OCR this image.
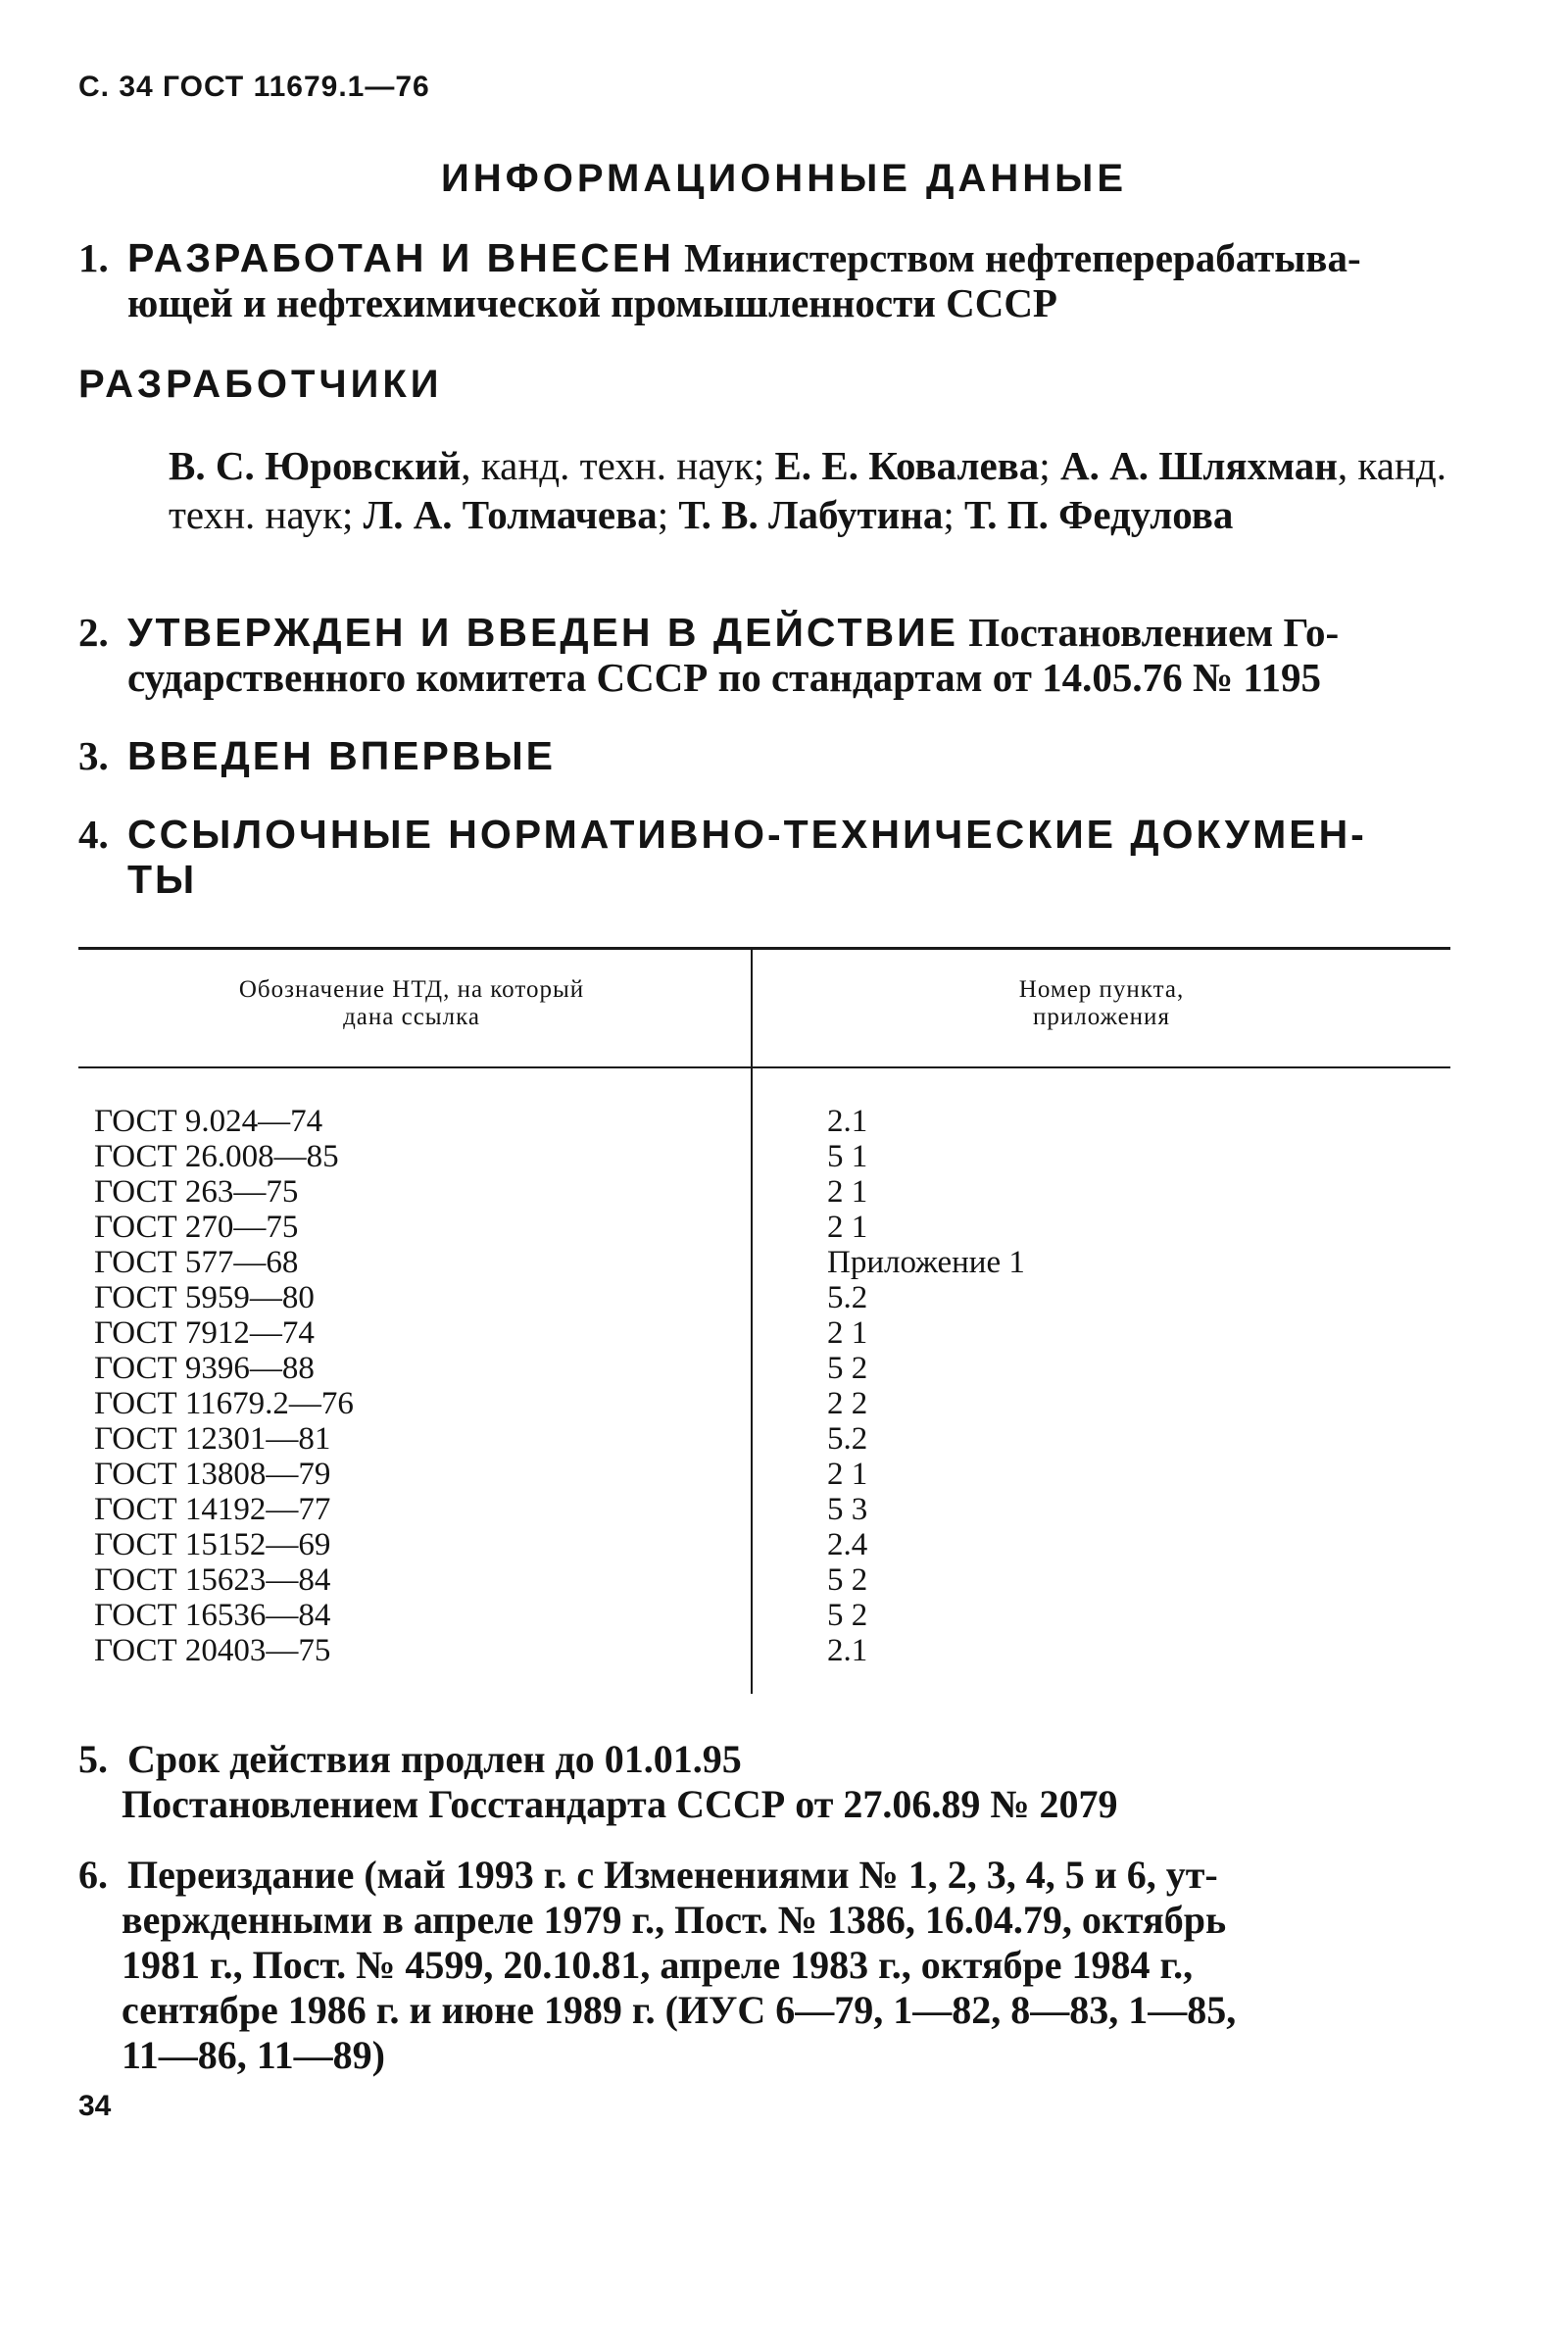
С. 34 ГОСТ 11679.1—76
ИНФОРМАЦИОННЫЕ ДАННЫЕ
1. РАЗРАБОТАН И ВНЕСЕН Министерством нефтеперерабатыва-
ющей и нефтехимической промышленности СССР
РАЗРАБОТЧИКИ
В. С. Юровский, канд. техн. наук; Е. Е. Ковалева; А. А. Шляхман, канд. техн. наук; Л. А. Толмачева; Т. В. Лабутина; Т. П. Федулова
2. УТВЕРЖДЕН И ВВЕДЕН В ДЕЙСТВИЕ Постановлением Го-
сударственного комитета СССР по стандартам от 14.05.76 № 1195
3. ВВЕДЕН ВПЕРВЫЕ
4. ССЫЛОЧНЫЕ НОРМАТИВНО-ТЕХНИЧЕСКИЕ ДОКУМЕН-
ТЫ
Обозначение НТД, на который
дана ссылка
Номер пункта,
приложения
ГОСТ 9.024—74
ГОСТ 26.008—85
ГОСТ 263—75
ГОСТ 270—75
ГОСТ 577—68
ГОСТ 5959—80
ГОСТ 7912—74
ГОСТ 9396—88
ГОСТ 11679.2—76
ГОСТ 12301—81
ГОСТ 13808—79
ГОСТ 14192—77
ГОСТ 15152—69
ГОСТ 15623—84
ГОСТ 16536—84
ГОСТ 20403—75
2.1
5 1
2 1
2 1
Приложение 1
5.2
2 1
5 2
2 2
5.2
2 1
5 3
2.4
5 2
5 2
2.1
5. Срок действия продлен до 01.01.95
Постановлением Госстандарта СССР от 27.06.89 № 2079
6. Переиздание (май 1993 г. с Изменениями № 1, 2, 3, 4, 5 и 6, ут-
вержденными в апреле 1979 г., Пост. № 1386, 16.04.79, октябрь
1981 г., Пост. № 4599, 20.10.81, апреле 1983 г., октябре 1984 г.,
сентябре 1986 г. и июне 1989 г. (ИУС 6—79, 1—82, 8—83, 1—85,
11—86, 11—89)
34
